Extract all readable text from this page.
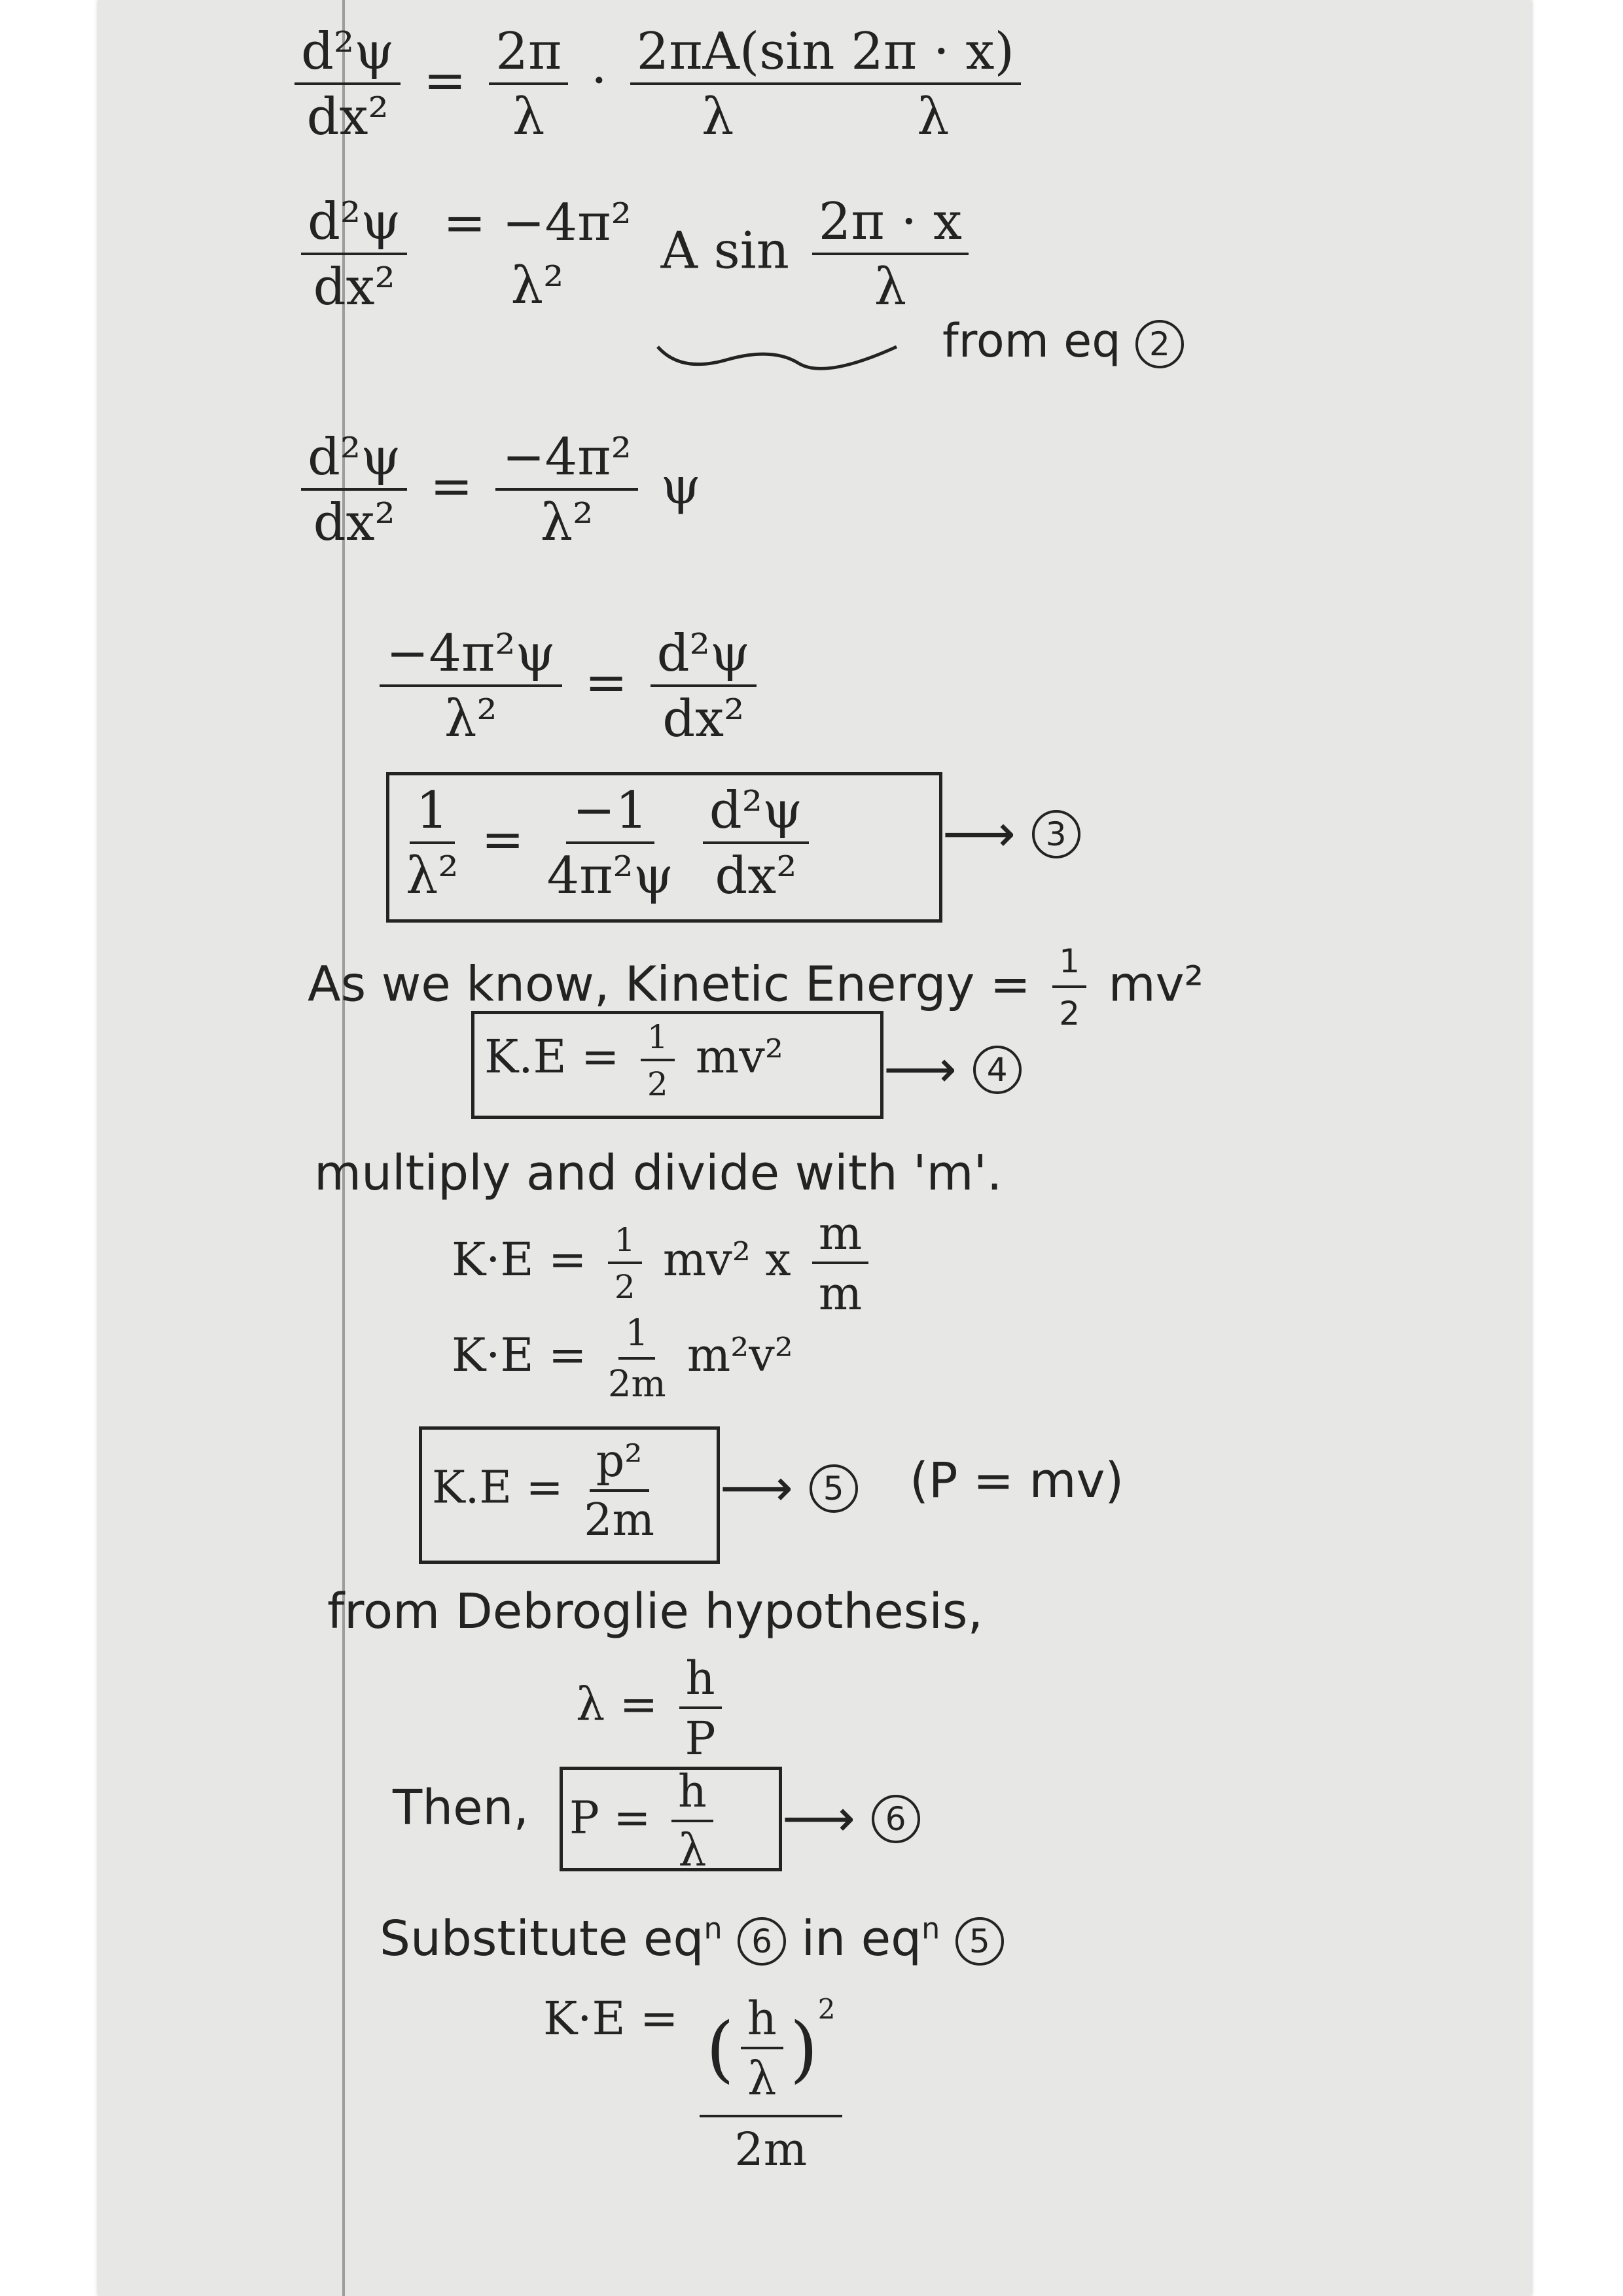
$\frac{\text{d²ψ}}{\text{dx²}} = \frac{2\pi}{\lambda} \cdot 2\pi A(\sin$ 2π · x)
λ	λ
$\frac{\text{d²ψ}}{\text{dx²}}$
= −4π²
λ²
A $\sin \frac{2\pi \cdot x}{\lambda}$
from eq 2
$\frac{\text{d²ψ}}{\text{dx²}} = \frac{\text{−4π²}}{\text{λ²}}$ ψ
$\frac{\text{−4π²ψ}}{\text{λ²}} = \frac{\text{d²ψ}}{\text{dx²}}$
$\frac{1}{\text{λ²}} = \frac{-1}{\text{4π²ψ}}$
$\frac{\text{d²ψ}}{\text{dx²}}$	⟶ 3
As we know, Kinetic Energy = $\frac{1}{2} mv^2$
$K.E = \frac{1}{2} mv^2$ ⟶ 4
multiply and divide with 'm'.
$K\cdot E = \frac{1}{2} mv^2$ x $\frac{m}{m}$
$K\cdot E = \frac{1}{2m} m^2v^2$
$K.E = \frac{\text{p²}}{2m}$ ⟶ 5 (P = mv)
from Debroglie hypothesis,
$\lambda = \frac{h}{P}$
Then, $P = \frac{h}{\lambda}$ ⟶ 6
Substitute $eq^n$ 6 in $eq^n$ 5
$K\cdot E = \frac{( \frac{h}{\lambda} )^2}{2m}$
